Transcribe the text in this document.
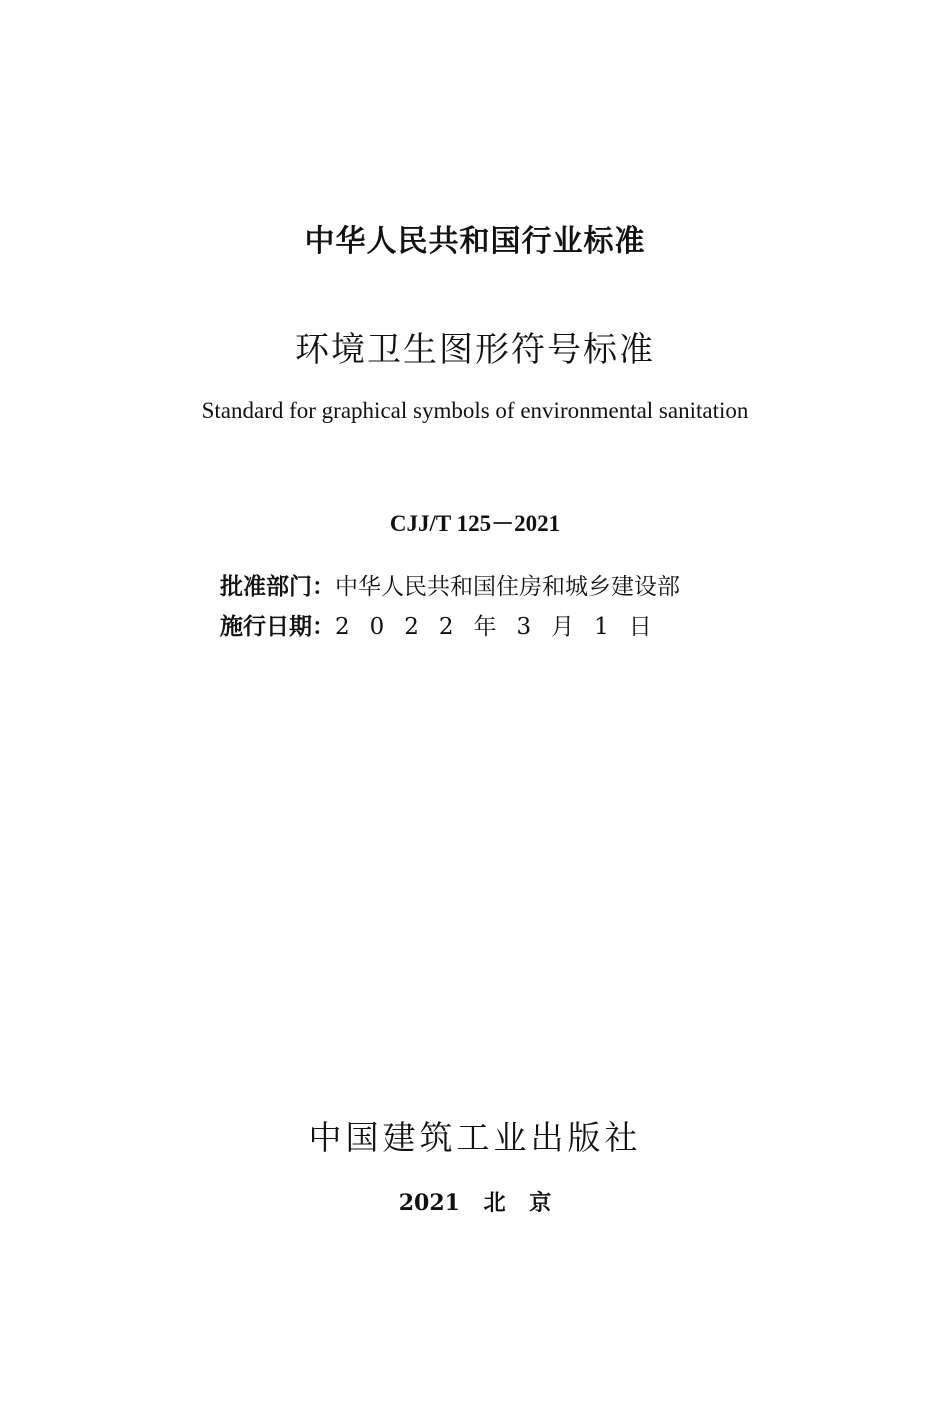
中华人民共和国行业标准
环境卫生图形符号标准
Standard for graphical symbols of environmental sanitation
CJJ/T 125－2021
批准部门：中华人民共和国住房和城乡建设部
施行日期：2022年3月1日
中国建筑工业出版社
2021 北 京
